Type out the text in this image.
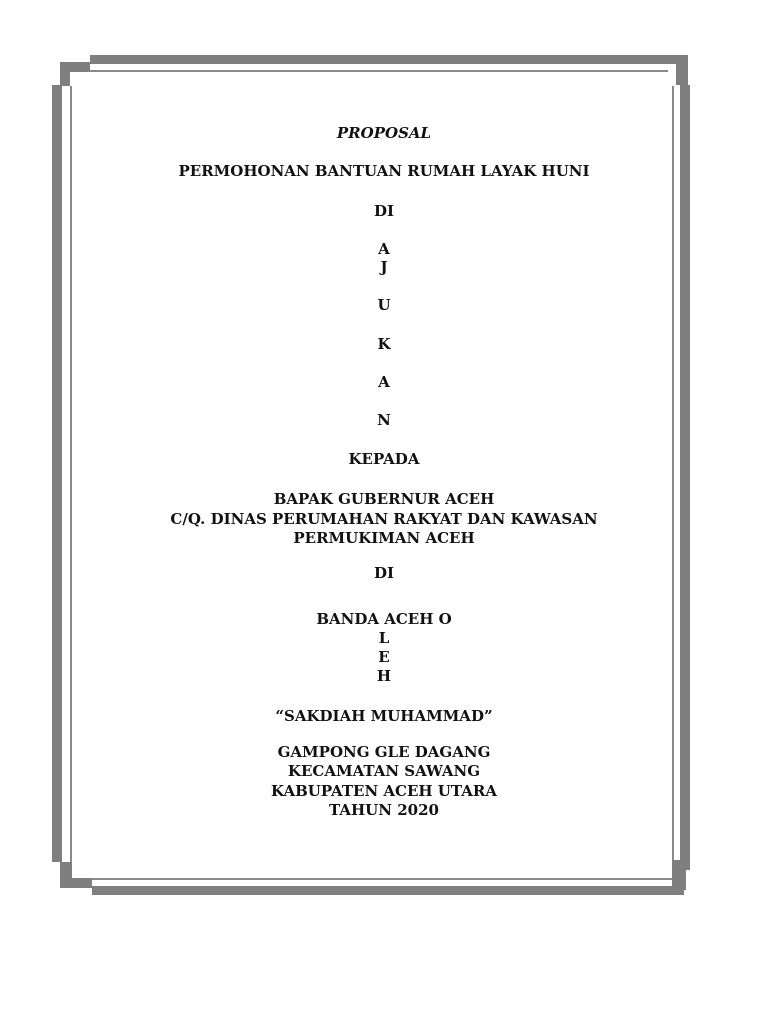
PROPOSAL
PERMOHONAN BANTUAN RUMAH LAYAK HUNI
DI
A
J
U
K
A
N
KEPADA
BAPAK GUBERNUR ACEH
C/Q. DINAS PERUMAHAN RAKYAT DAN KAWASAN
PERMUKIMAN ACEH
DI
BANDA ACEH O
L
E
H
“SAKDIAH MUHAMMAD”
GAMPONG GLE DAGANG
KECAMATAN SAWANG
KABUPATEN ACEH UTARA
TAHUN 2020
